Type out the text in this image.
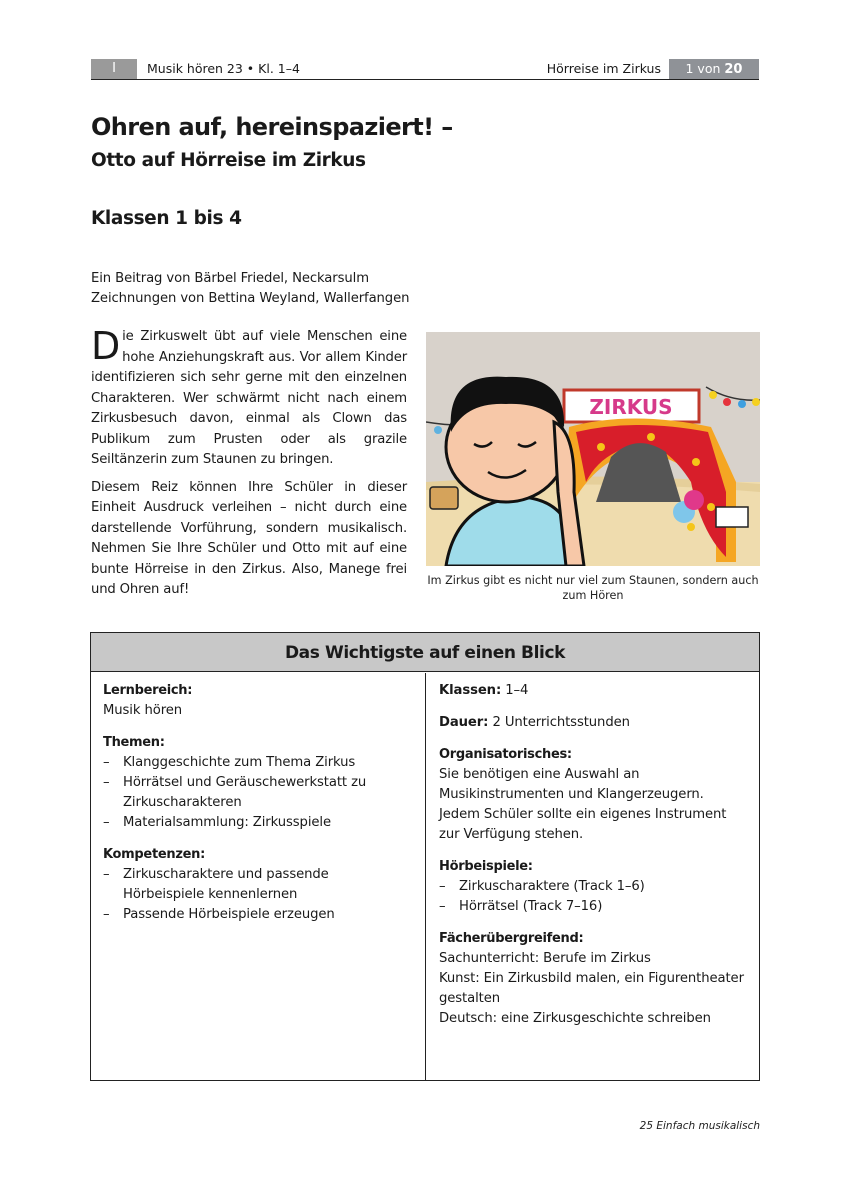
I	Musik hören 23 • Kl. 1–4	Hörreise im Zirkus	1 von 20
Ohren auf, hereinspaziert! –
Otto auf Hörreise im Zirkus
Klassen 1 bis 4
Ein Beitrag von Bärbel Friedel, Neckarsulm
Zeichnungen von Bettina Weyland, Wallerfangen

Die Zirkuswelt übt auf viele Menschen eine hohe Anziehungskraft aus. Vor allem Kinder identifizieren sich sehr gerne mit den einzelnen Charakteren. Wer schwärmt nicht nach einem Zirkusbesuch davon, einmal als Clown das Publikum zum Prusten oder als grazile Seiltänzerin zum Staunen zu bringen.

Diesem Reiz können Ihre Schüler in dieser Einheit Ausdruck verleihen – nicht durch eine darstellende Vorführung, sondern musikalisch. Nehmen Sie Ihre Schüler und Otto mit auf eine bunte Hörreise in den Zirkus. Also, Manege frei und Ohren auf!

ZIRKUS
Im Zirkus gibt es nicht nur viel zum Staunen, sondern auch zum Hören
Das Wichtigste auf einen Blick
Lernbereich:

Musik hören

Themen:
– Klanggeschichte zum Thema Zirkus
– Hörrätsel und Geräuschewerkstatt zu Zirkuscharakteren
– Materialsammlung: Zirkusspiele
Kompetenzen:
– Zirkuscharaktere und passende Hörbeispiele kennenlernen
– Passende Hörbeispiele erzeugen

Klassen: 1–4

Dauer: 2 Unterrichtsstunden

Organisatorisches:

Sie benötigen eine Auswahl an Musikinstrumenten und Klangerzeugern. Jedem Schüler sollte ein eigenes Instrument zur Verfügung stehen.

Hörbeispiele:
– Zirkuscharaktere (Track 1–6)
– Hörrätsel (Track 7–16)
Fächerübergreifend:

Sachunterricht: Berufe im Zirkus

Kunst: Ein Zirkusbild malen, ein Figurentheater gestalten

Deutsch: eine Zirkusgeschichte schreiben

25 Einfach musikalisch
